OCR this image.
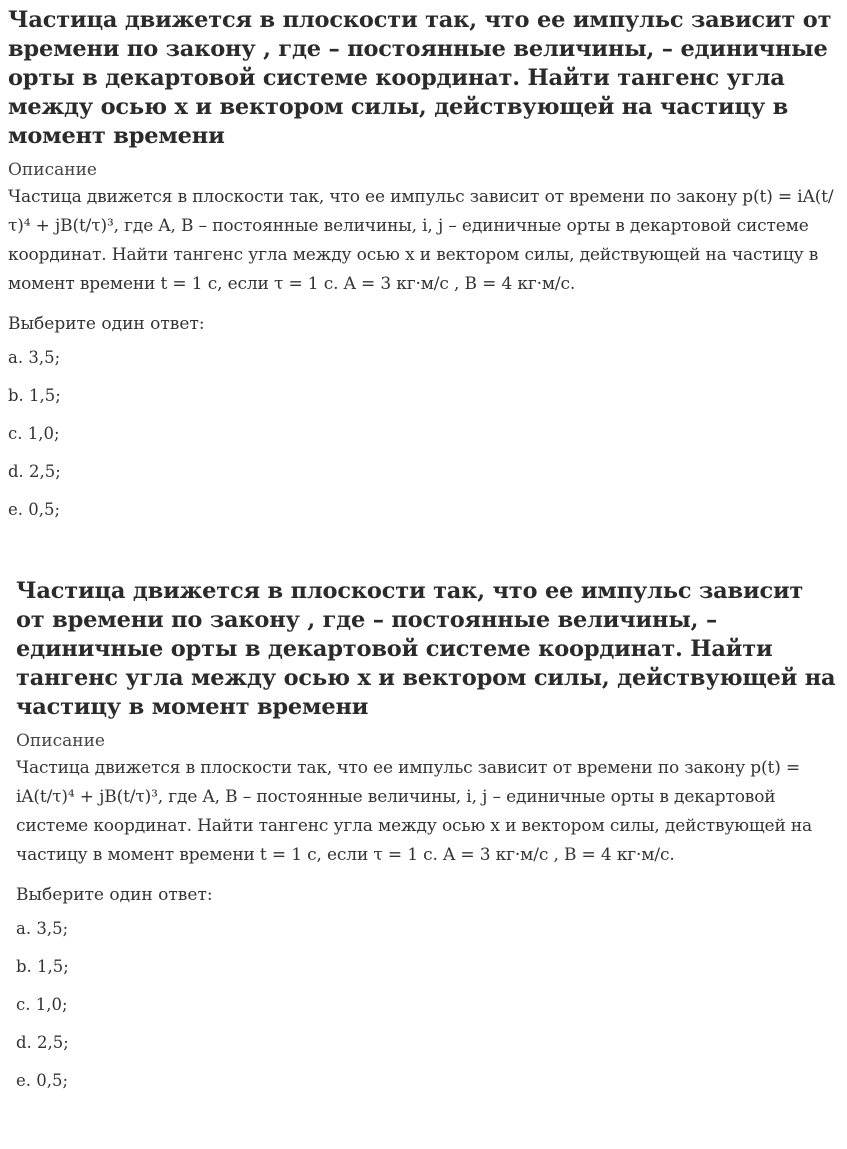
Частица движется в плоскости так, что ее импульс зависит от времени по закону , где – постоянные величины, – единичные орты в декартовой системе координат. Найти тангенс угла между осью x и вектором силы, действующей на частицу в момент времени
Описание

Частица движется в плоскости так, что ее импульс зависит от времени по закону p(t) = iA(t/τ)⁴ + jB(t/τ)³, где A, B – постоянные величины, i, j – единичные орты в декартовой системе координат. Найти тангенс угла между осью x и вектором силы, действующей на частицу в момент времени t = 1 с, если τ = 1 с. A = 3 кг·м/с , B = 4 кг·м/с.

Выберите один ответ:
a. 3,5;
b. 1,5;
c. 1,0;
d. 2,5;
e. 0,5;
Частица движется в плоскости так, что ее импульс зависит от времени по закону , где – постоянные величины, – единичные орты в декартовой системе координат. Найти тангенс угла между осью x и вектором силы, действующей на частицу в момент времени
Описание

Частица движется в плоскости так, что ее импульс зависит от времени по закону p(t) = iA(t/τ)⁴ + jB(t/τ)³, где A, B – постоянные величины, i, j – единичные орты в декартовой системе координат. Найти тангенс угла между осью x и вектором силы, действующей на частицу в момент времени t = 1 с, если τ = 1 с. A = 3 кг·м/с , B = 4 кг·м/с.

Выберите один ответ:
a. 3,5;
b. 1,5;
c. 1,0;
d. 2,5;
e. 0,5;
